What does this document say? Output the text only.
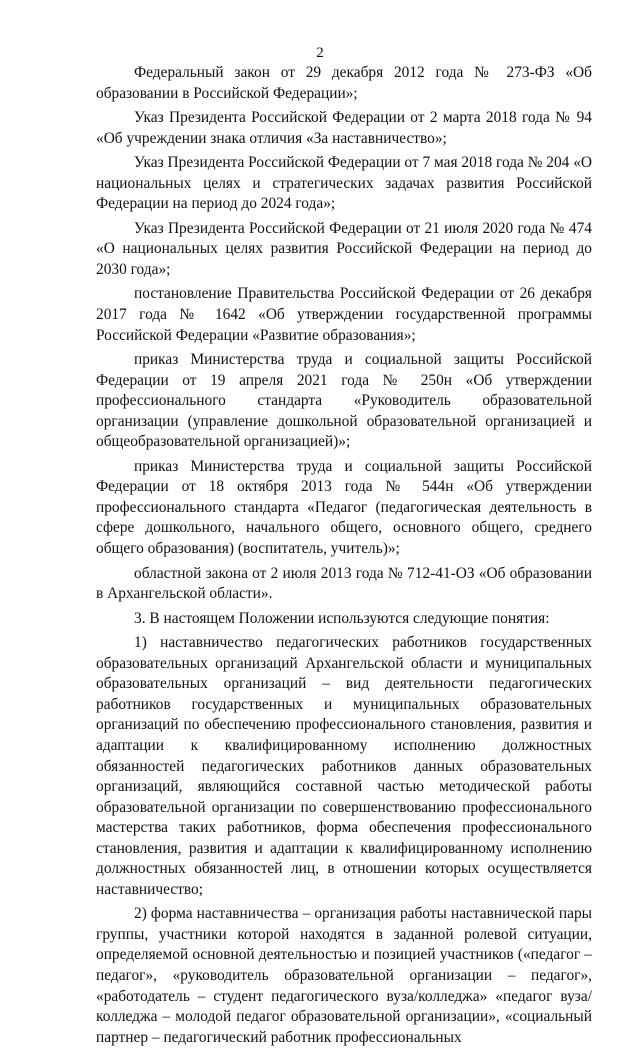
2

Федеральный закон от 29 декабря 2012 года № 273-ФЗ «Об образовании в Российской Федерации»;

Указ Президента Российской Федерации от 2 марта 2018 года № 94 «Об учреждении знака отличия «За наставничество»;

Указ Президента Российской Федерации от 7 мая 2018 года № 204 «О национальных целях и стратегических задачах развития Российской Федерации на период до 2024 года»;

Указ Президента Российской Федерации от 21 июля 2020 года № 474 «О национальных целях развития Российской Федерации на период до 2030 года»;

постановление Правительства Российской Федерации от 26 декабря 2017 года № 1642 «Об утверждении государственной программы Российской Федерации «Развитие образования»;

приказ Министерства труда и социальной защиты Российской Федерации от 19 апреля 2021 года № 250н «Об утверждении профессионального стандарта «Руководитель образовательной организации (управление дошкольной образовательной организацией и общеобразовательной организацией)»;

приказ Министерства труда и социальной защиты Российской Федерации от 18 октября 2013 года № 544н «Об утверждении профессионального стандарта «Педагог (педагогическая деятельность в сфере дошкольного, начального общего, основного общего, среднего общего образования) (воспитатель, учитель)»;

областной закона от 2 июля 2013 года № 712-41-ОЗ «Об образовании в Архангельской области».

3. В настоящем Положении используются следующие понятия:

1) наставничество педагогических работников государственных образовательных организаций Архангельской области и муниципальных образовательных организаций – вид деятельности педагогических работников государственных и муниципальных образовательных организаций по обеспечению профессионального становления, развития и адаптации к квалифицированному исполнению должностных обязанностей педагогических работников данных образовательных организаций, являющийся составной частью методической работы образовательной организации по совершенствованию профессионального мастерства таких работников, форма обеспечения профессионального становления, развития и адаптации к квалифицированному исполнению должностных обязанностей лиц, в отношении которых осуществляется наставничество;

2) форма наставничества – организация работы наставнической пары группы, участники которой находятся в заданной ролевой ситуации, определяемой основной деятельностью и позицией участников («педагог – педагог», «руководитель образовательной организации – педагог», «работодатель – студент педагогического вуза/колледжа» «педагог вуза/колледжа – молодой педагог образовательной организации», «социальный партнер – педагогический работник профессиональных
